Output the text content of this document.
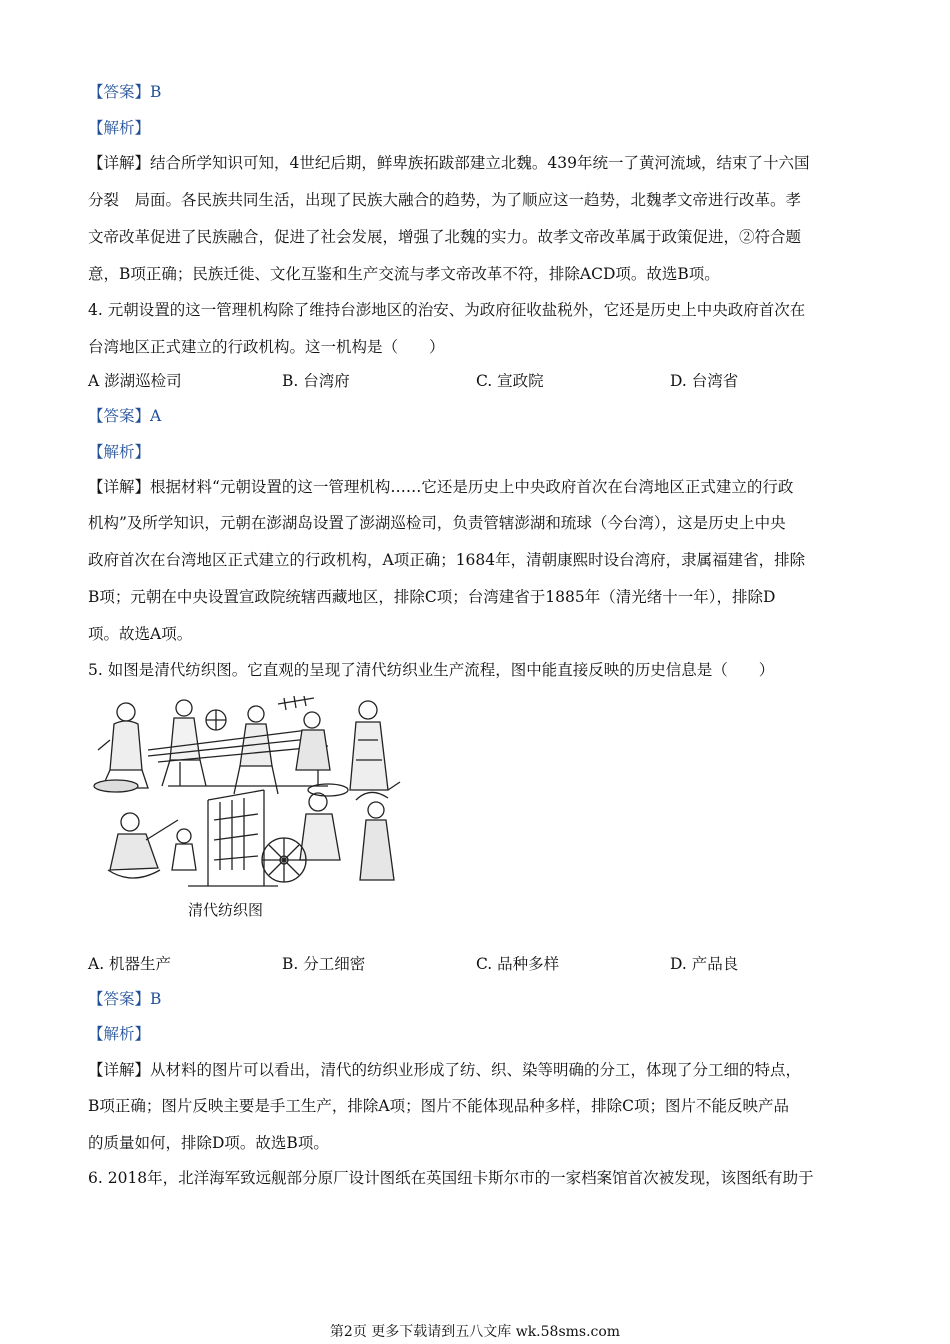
【答案】B
【解析】
【详解】结合所学知识可知，4世纪后期，鲜卑族拓跋部建立北魏。439年统一了黄河流域，结束了十六国
分裂　局面。各民族共同生活，出现了民族大融合的趋势，为了顺应这一趋势，北魏孝文帝进行改革。孝
文帝改革促进了民族融合，促进了社会发展，增强了北魏的实力。故孝文帝改革属于政策促进，②符合题
意，B项正确；民族迁徙、文化互鉴和生产交流与孝文帝改革不符，排除ACD项。故选B项。
4. 元朝设置的这一管理机构除了维持台澎地区的治安、为政府征收盐税外，它还是历史上中央政府首次在
台湾地区正式建立的行政机构。这一机构是（　　）
A 澎湖巡检司	B. 台湾府	C. 宣政院	D. 台湾省
【答案】A
【解析】
【详解】根据材料“元朝设置的这一管理机构……它还是历史上中央政府首次在台湾地区正式建立的行政
机构”及所学知识，元朝在澎湖岛设置了澎湖巡检司，负责管辖澎湖和琉球（今台湾），这是历史上中央
政府首次在台湾地区正式建立的行政机构，A项正确；1684年，清朝康熙时设台湾府，隶属福建省，排除
B项；元朝在中央设置宣政院统辖西藏地区，排除C项；台湾建省于1885年（清光绪十一年），排除D
项。故选A项。
5. 如图是清代纺织图。它直观的呈现了清代纺织业生产流程，图中能直接反映的历史信息是（　　）
清代纺织图
A. 机器生产	B. 分工细密	C. 品种多样	D. 产品良
【答案】B
【解析】
【详解】从材料的图片可以看出，清代的纺织业形成了纺、织、染等明确的分工，体现了分工细的特点，
B项正确；图片反映主要是手工生产，排除A项；图片不能体现品种多样，排除C项；图片不能反映产品
的质量如何，排除D项。故选B项。
6. 2018年，北洋海军致远舰部分原厂设计图纸在英国纽卡斯尔市的一家档案馆首次被发现，该图纸有助于
第2页 更多下载请到五八文库 wk.58sms.com
